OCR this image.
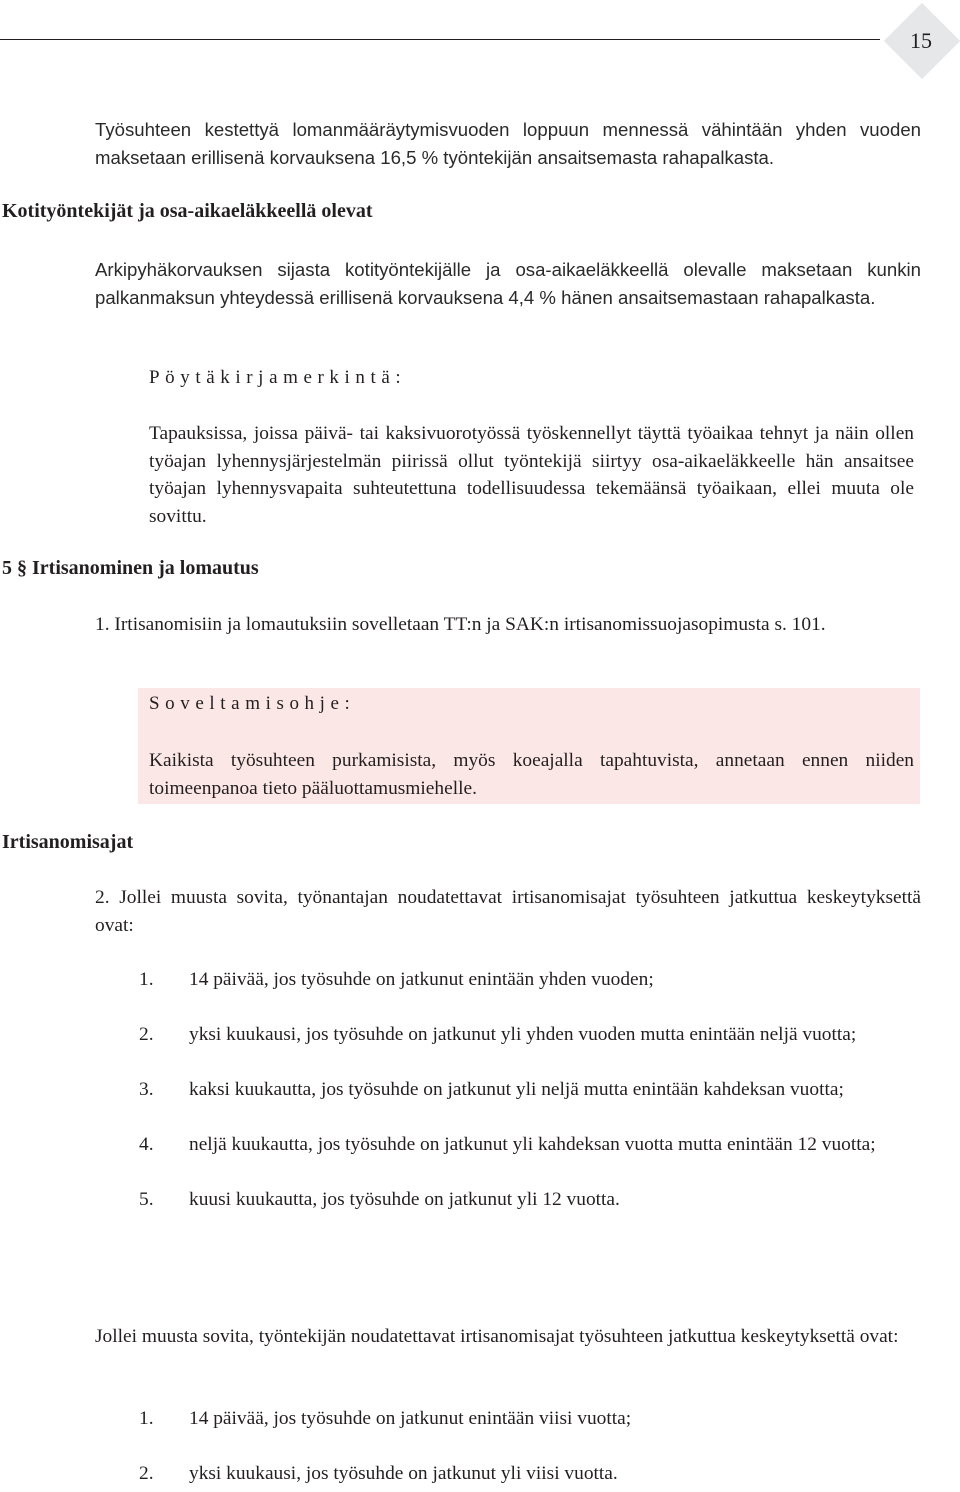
15

Työsuhteen kestettyä lomanmääräytymisvuoden loppuun mennessä vähintään yhden vuoden maksetaan erillisenä korvauksena 16,5 % työntekijän ansaitsemasta rahapalkasta.

Kotityöntekijät ja osa-aikaeläkkeellä olevat

Arkipyhäkorvauksen sijasta kotityöntekijälle ja osa-aikaeläkkeellä olevalle maksetaan kunkin palkanmaksun yhteydessä erillisenä korvauksena 4,4 % hänen ansaitsemastaan rahapalkasta.

Pöytäkirjamerkintä:

Tapauksissa, joissa päivä- tai kaksivuorotyössä työskennellyt täyttä työaikaa tehnyt ja näin ollen työajan lyhennysjärjestelmän piirissä ollut työntekijä siirtyy osa-aikaeläkkeelle hän ansaitsee työajan lyhennysvapaita suhteutettuna todellisuudessa tekemäänsä työaikaan, ellei muuta ole sovittu.

5 § Irtisanominen ja lomautus

1. Irtisanomisiin ja lomautuksiin sovelletaan TT:n ja SAK:n irtisanomissuojasopimusta s. 101.

Soveltamisohje:

Kaikista työsuhteen purkamisista, myös koeajalla tapahtuvista, annetaan ennen niiden toimeenpanoa tieto pääluottamusmiehelle.

Irtisanomisajat

2. Jollei muusta sovita, työnantajan noudatettavat irtisanomisajat työsuhteen jatkuttua keskeytyksettä ovat:

1. 14 päivää, jos työsuhde on jatkunut enintään yhden vuoden;
2. yksi kuukausi, jos työsuhde on jatkunut yli yhden vuoden mutta enintään neljä vuotta;
3. kaksi kuukautta, jos työsuhde on jatkunut yli neljä mutta enintään kahdeksan vuotta;
4. neljä kuukautta, jos työsuhde on jatkunut yli kahdeksan vuotta mutta enintään 12 vuotta;
5. kuusi kuukautta, jos työsuhde on jatkunut yli 12 vuotta.

Jollei muusta sovita, työntekijän noudatettavat irtisanomisajat työsuhteen jatkuttua keskeytyksettä ovat:

1. 14 päivää, jos työsuhde on jatkunut enintään viisi vuotta;
2. yksi kuukausi, jos työsuhde on jatkunut yli viisi vuotta.
